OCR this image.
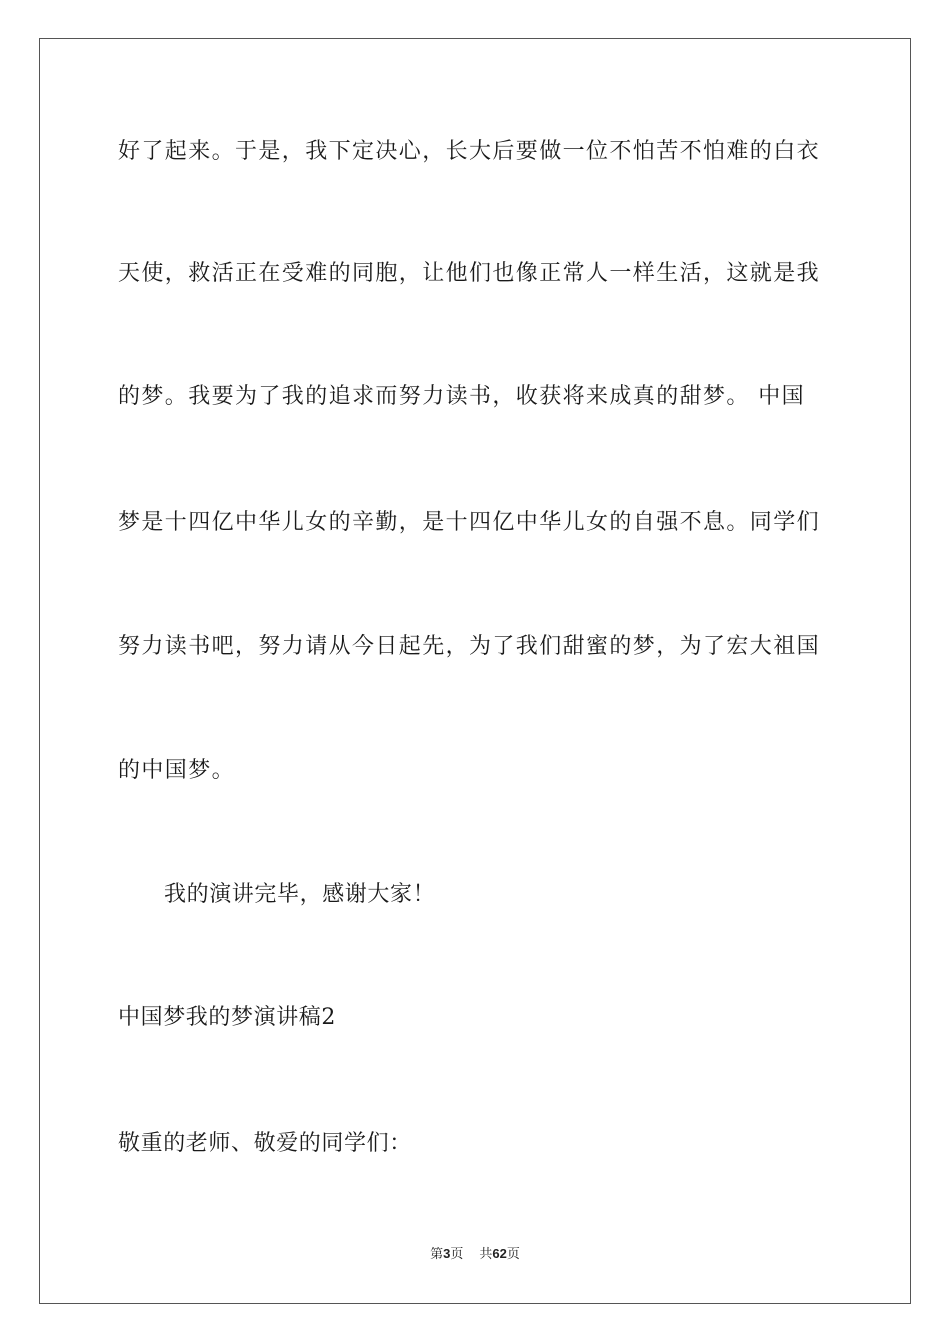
好了起来。于是，我下定决心，长大后要做一位不怕苦不怕难的白衣
天使，救活正在受难的同胞，让他们也像正常人一样生活，这就是我
的梦。我要为了我的追求而努力读书，收获将来成真的甜梦。 中国
梦是十四亿中华儿女的辛勤，是十四亿中华儿女的自强不息。同学们
努力读书吧，努力请从今日起先，为了我们甜蜜的梦，为了宏大祖国
的中国梦。
我的演讲完毕，感谢大家！
中国梦我的梦演讲稿2
敬重的老师、敬爱的同学们：
第3页 共62页
